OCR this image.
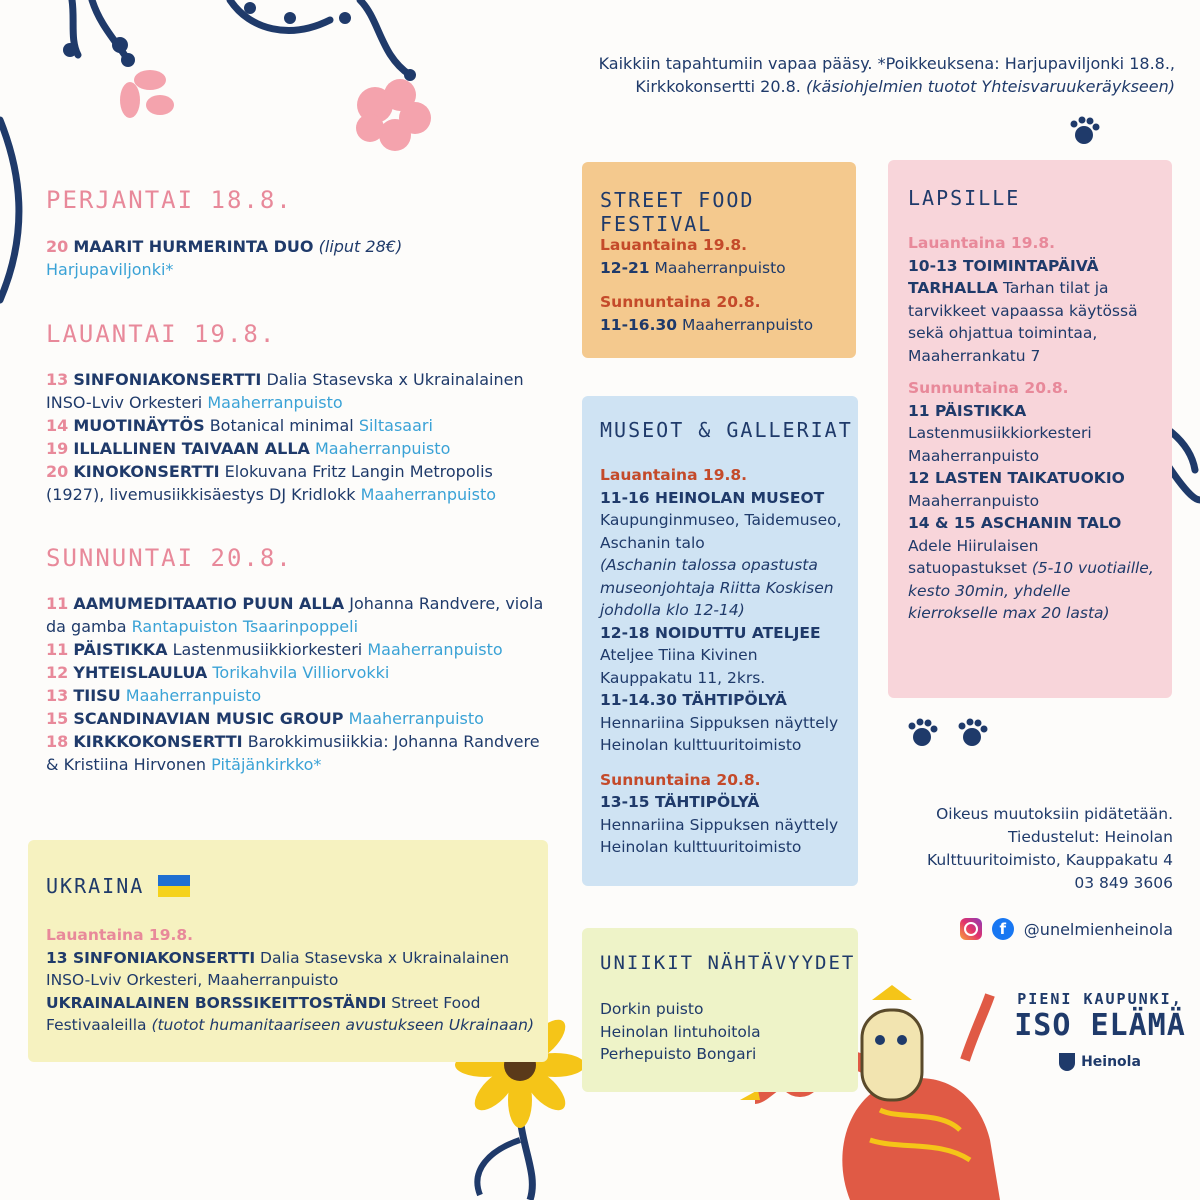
Kaikkiin tapahtumiin vapaa pääsy. *Poikkeuksena: Harjupaviljonki 18.8.,
Kirkkokonsertti 20.8. (käsiohjelmien tuotot Yhteisvaruukeräykseen)
PERJANTAI 18.8.

20 MAARIT HURMERINTA DUO (liput 28€)
Harjupaviljonki*

LAUANTAI 19.8.

13 SINFONIAKONSERTTI Dalia Stasevska x Ukrainalainen INSO-Lviv Orkesteri Maaherranpuisto

14 MUOTINÄYTÖS Botanical minimal Siltasaari

19 ILLALLINEN TAIVAAN ALLA Maaherranpuisto

20 KINOKONSERTTI Elokuvana Fritz Langin Metropolis (1927), livemusiikkisäestys DJ Kridlokk Maaherranpuisto

SUNNUNTAI 20.8.

11 AAMUMEDITAATIO PUUN ALLA Johanna Randvere, viola da gamba Rantapuiston Tsaarinpoppeli

11 PÄISTIKKA Lastenmusiikkiorkesteri Maaherranpuisto

12 YHTEISLAULUA Torikahvila Villiorvokki

13 TIISU Maaherranpuisto

15 SCANDINAVIAN MUSIC GROUP Maaherranpuisto

18 KIRKKOKONSERTTI Barokkimusiikkia: Johanna Randvere & Kristiina Hirvonen Pitäjänkirkko*

STREET FOOD FESTIVAL

Lauantaina 19.8.

12-21 Maaherranpuisto

Sunnuntaina 20.8.

11-16.30 Maaherranpuisto

MUSEOT & GALLERIAT

Lauantaina 19.8.

11-16 HEINOLAN MUSEOT

Kaupunginmuseo, Taidemuseo, Aschanin talo

(Aschanin talossa opastusta museonjohtaja Riitta Koskisen johdolla klo 12-14)

12-18 NOIDUTTU ATELJEE

Ateljee Tiina Kivinen Kauppakatu 11, 2krs.

11-14.30 TÄHTIPÖLYÄ

Hennariina Sippuksen näyttely Heinolan kulttuuritoimisto

Sunnuntaina 20.8.

13-15 TÄHTIPÖLYÄ

Hennariina Sippuksen näyttely Heinolan kulttuuritoimisto

LAPSILLE

Lauantaina 19.8.

10-13 TOIMINTAPÄIVÄ TARHALLA Tarhan tilat ja tarvikkeet vapaassa käytössä sekä ohjattua toimintaa, Maaherrankatu 7

Sunnuntaina 20.8.

11 PÄISTIKKA

Lastenmusiikkiorkesteri Maaherranpuisto

12 LASTEN TAIKATUOKIO

Maaherranpuisto

14 & 15 ASCHANIN TALO

Adele Hiirulaisen satuopastukset (5-10 vuotiaille, kesto 30min, yhdelle kierrokselle max 20 lasta)

UKRAINA

Lauantaina 19.8.

13 SINFONIAKONSERTTI Dalia Stasevska x Ukrainalainen INSO-Lviv Orkesteri, Maaherranpuisto

UKRAINALAINEN BORSSIKEITTOSTÄNDI Street Food Festivaaleilla (tuotot humanitaariseen avustukseen Ukrainaan)

UNIIKIT NÄHTÄVYYDET

Dorkin puisto

Heinolan lintuhoitola

Perhepuisto Bongari

Oikeus muutoksiin pidätetään.
Tiedustelut: Heinolan
Kulttuuritoimisto, Kauppakatu 4
03 849 3606
f	@unelmienheinola
PIENI KAUPUNKI,
ISO ELÄMÄ
Heinola
